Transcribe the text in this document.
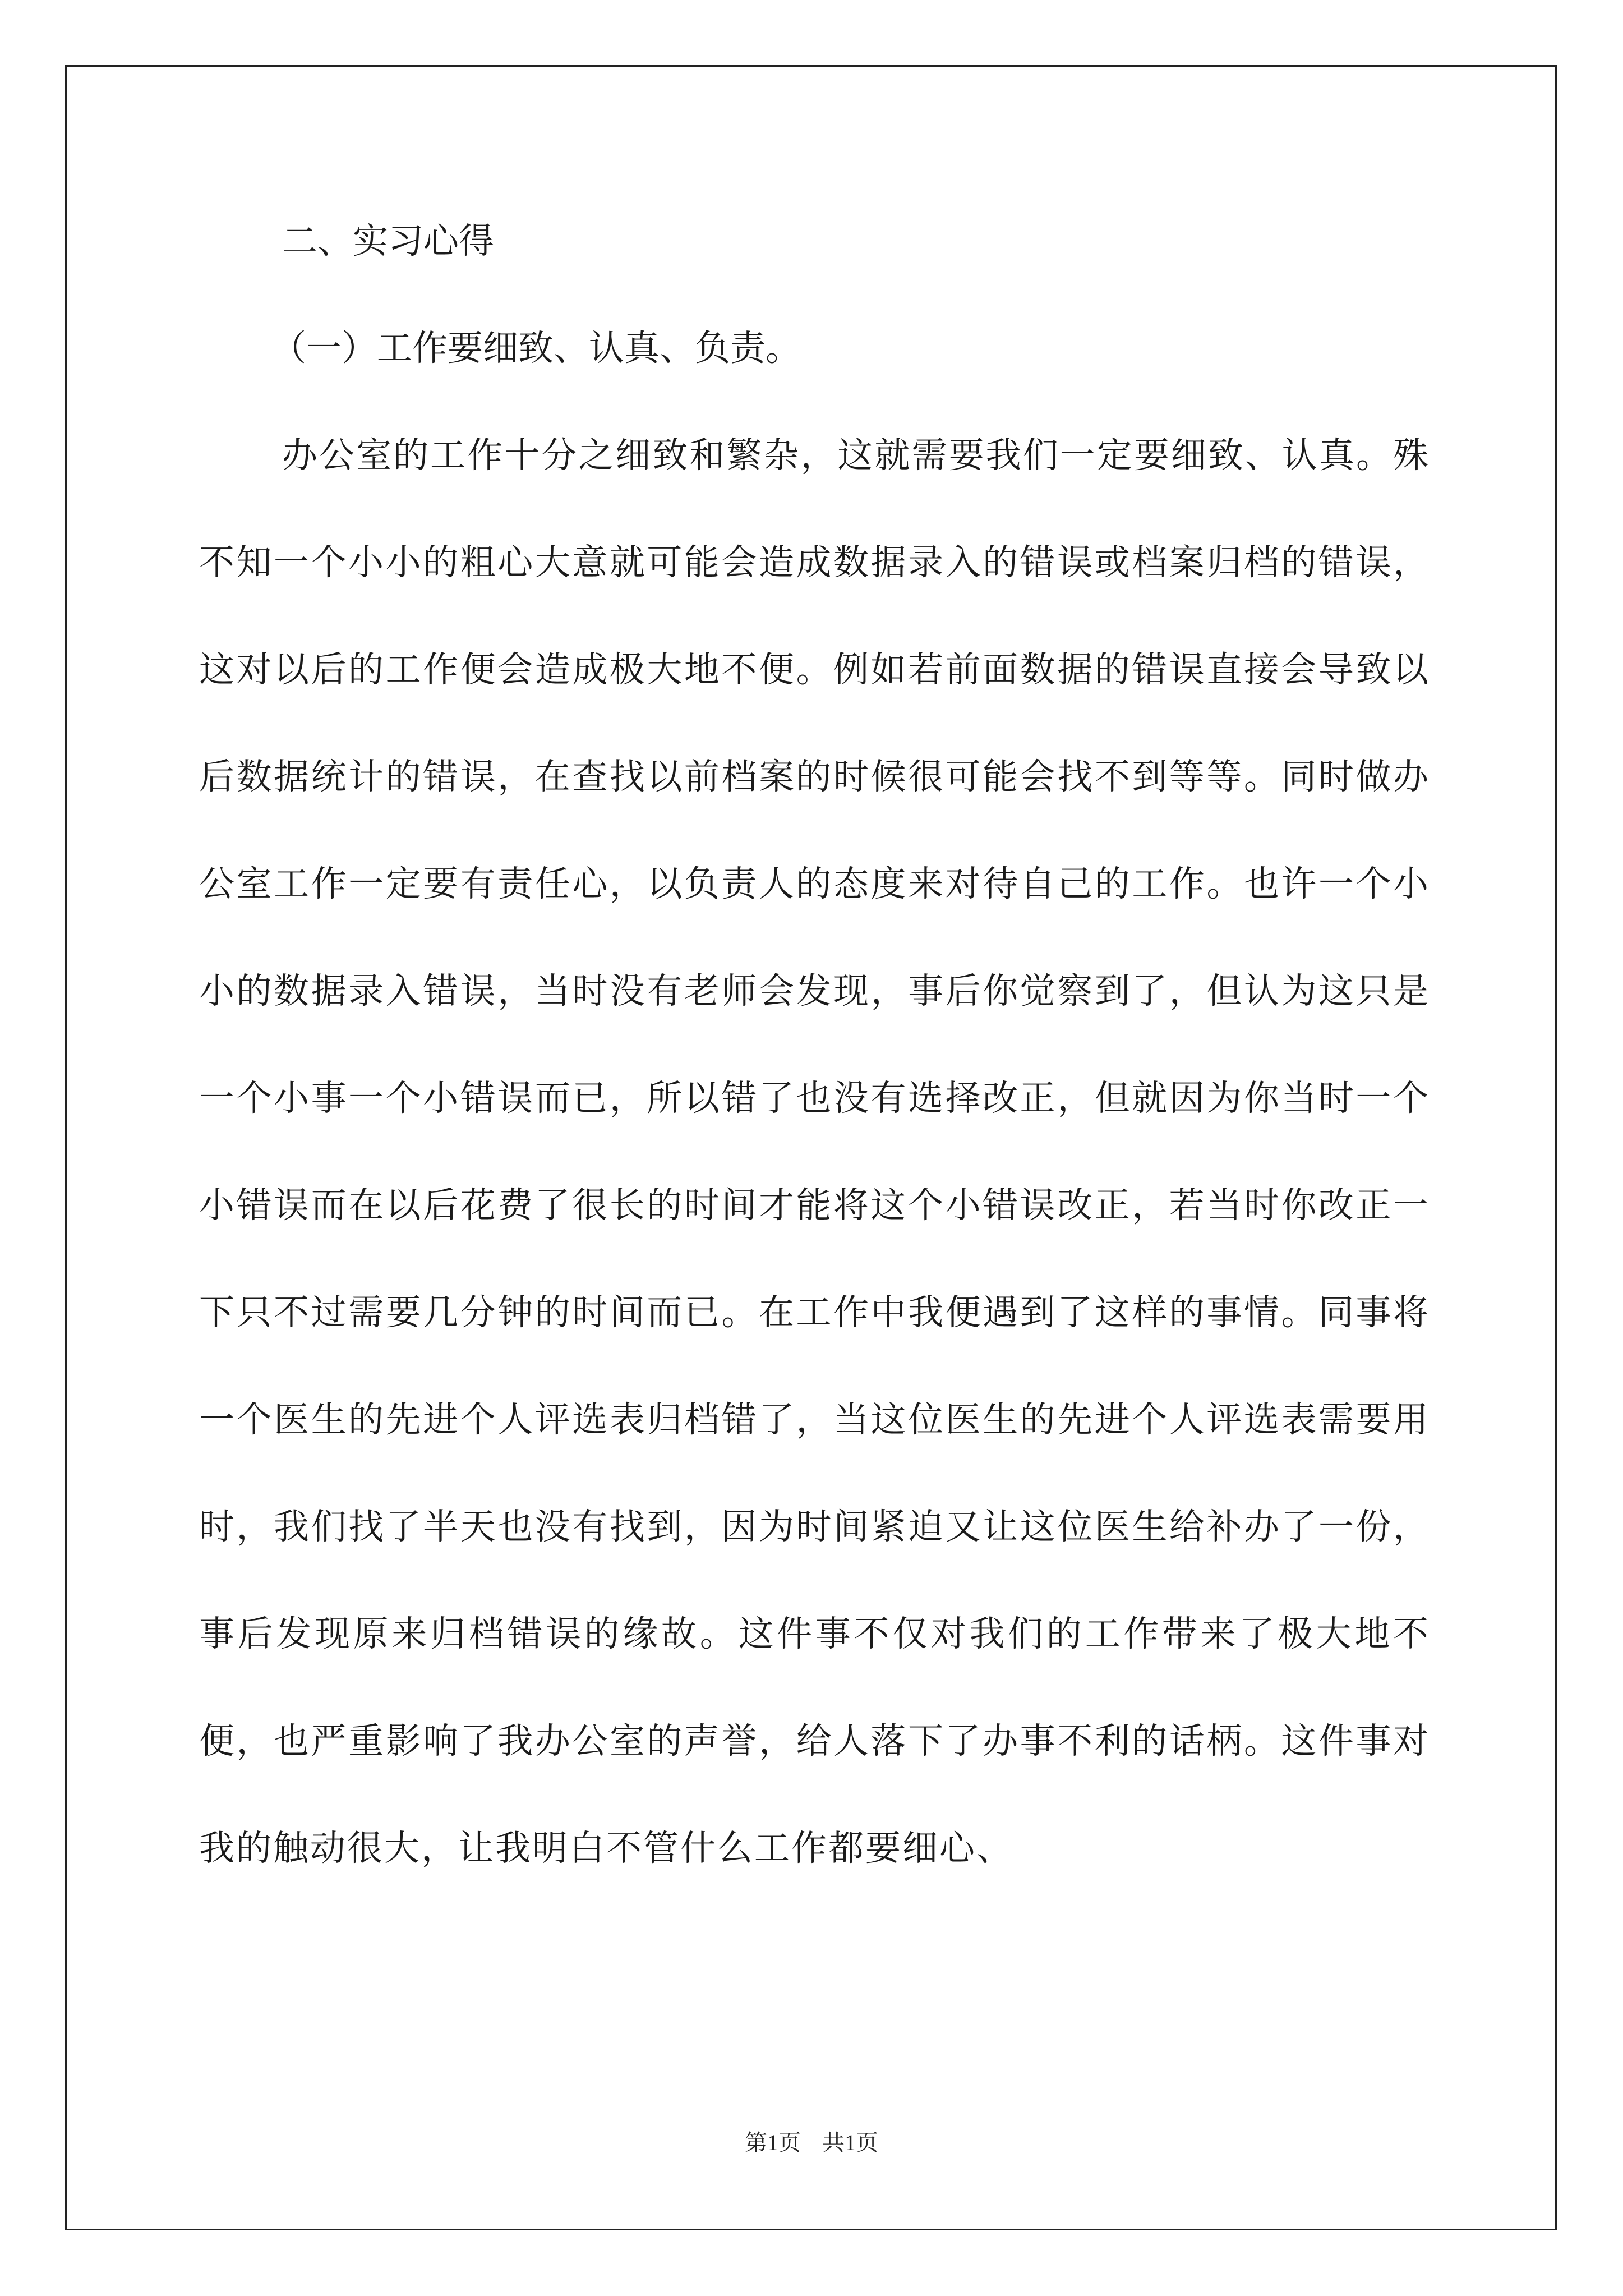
二、实习心得

（一）工作要细致、认真、负责。

办公室的工作十分之细致和繁杂，这就需要我们一定要细致、认真。殊不知一个小小的粗心大意就可能会造成数据录入的错误或档案归档的错误，这对以后的工作便会造成极大地不便。例如若前面数据的错误直接会导致以后数据统计的错误，在查找以前档案的时候很可能会找不到等等。同时做办公室工作一定要有责任心，以负责人的态度来对待自己的工作。也许一个小小的数据录入错误，当时没有老师会发现，事后你觉察到了，但认为这只是一个小事一个小错误而已，所以错了也没有选择改正，但就因为你当时一个小错误而在以后花费了很长的时间才能将这个小错误改正，若当时你改正一下只不过需要几分钟的时间而已。在工作中我便遇到了这样的事情。同事将一个医生的先进个人评选表归档错了，当这位医生的先进个人评选表需要用时，我们找了半天也没有找到，因为时间紧迫又让这位医生给补办了一份，事后发现原来归档错误的缘故。这件事不仅对我们的工作带来了极大地不便，也严重影响了我办公室的声誉，给人落下了办事不利的话柄。这件事对我的触动很大，让我明白不管什么工作都要细心、

第1页 共1页
